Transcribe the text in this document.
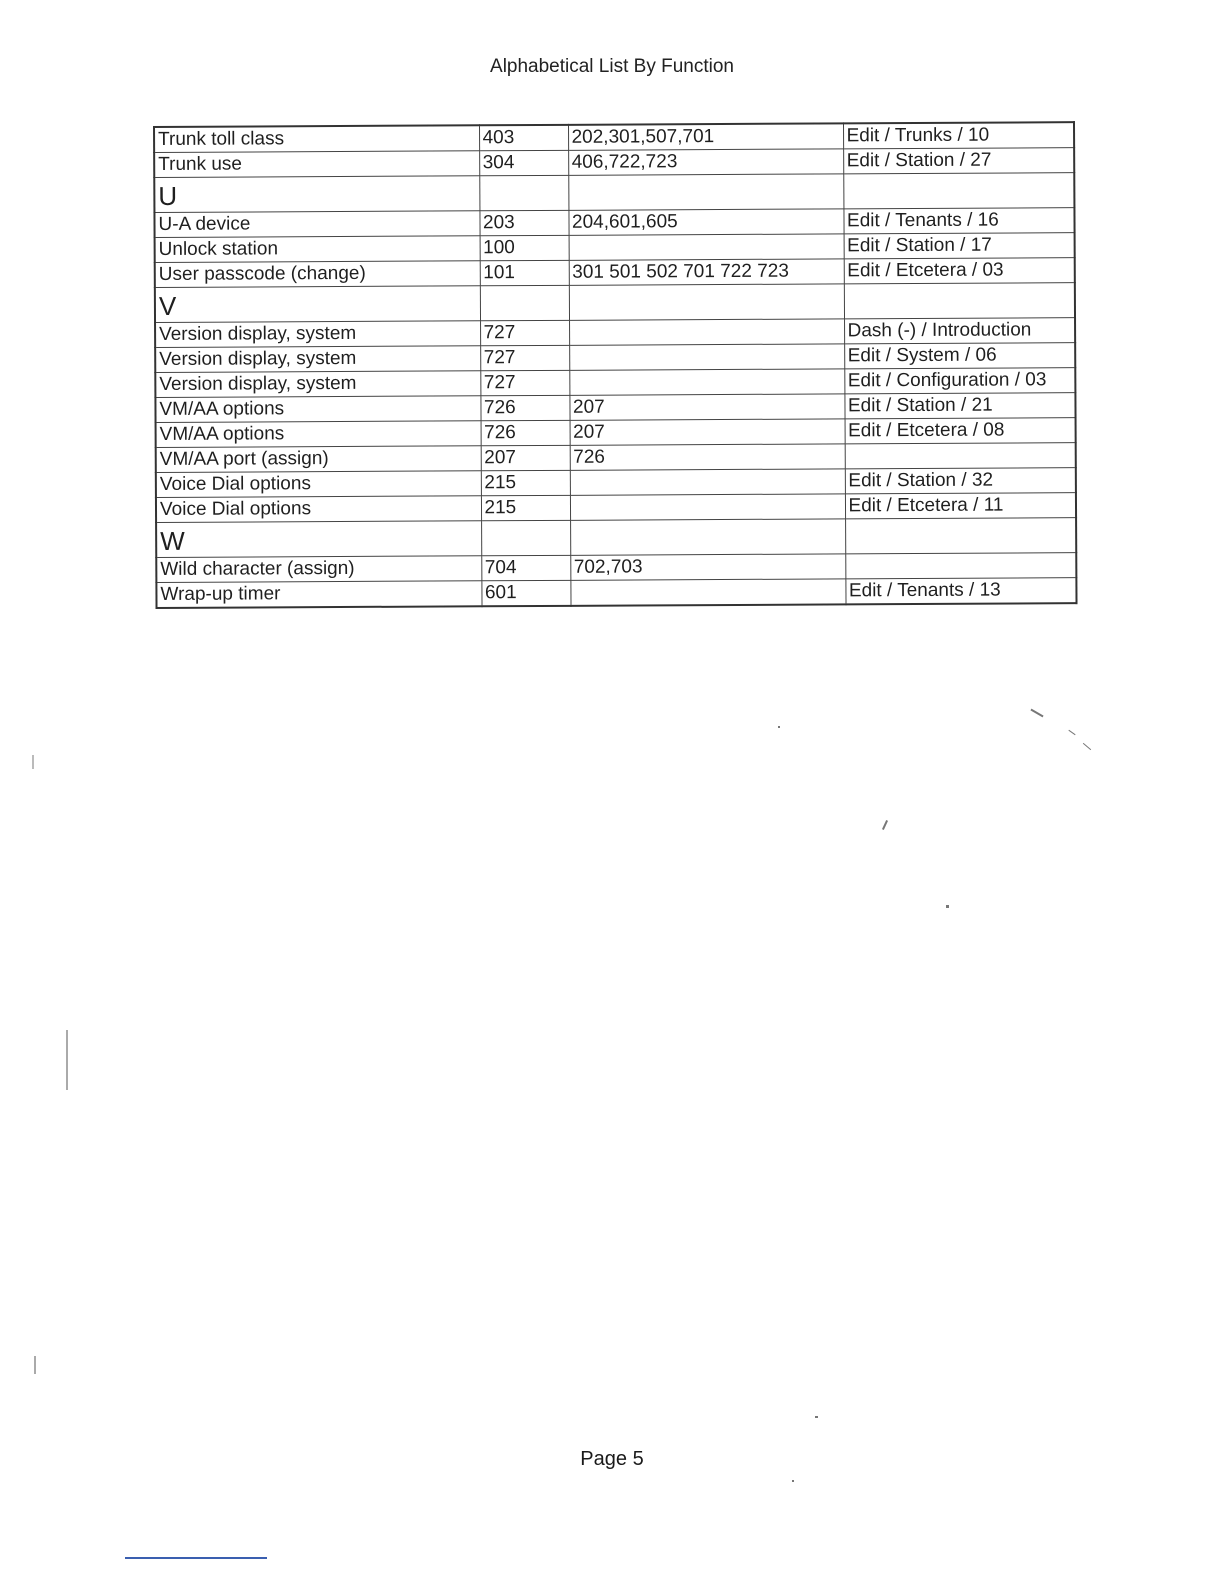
Alphabetical List By Function
Trunk toll class	403	202,301,507,701	Edit / Trunks / 10
Trunk use	304	406,722,723	Edit / Station / 27
U			
U-A device	203	204,601,605	Edit / Tenants / 16
Unlock station	100		Edit / Station / 17
User passcode (change)	101	301 501 502 701 722 723	Edit / Etcetera / 03
V			
Version display, system	727		Dash (-) / Introduction
Version display, system	727		Edit / System / 06
Version display, system	727		Edit / Configuration / 03
VM/AA options	726	207	Edit / Station / 21
VM/AA options	726	207	Edit / Etcetera / 08
VM/AA port (assign)	207	726	
Voice Dial options	215		Edit / Station / 32
Voice Dial options	215		Edit / Etcetera / 11
W			
Wild character (assign)	704	702,703	
Wrap-up timer	601		Edit / Tenants / 13
Page 5
